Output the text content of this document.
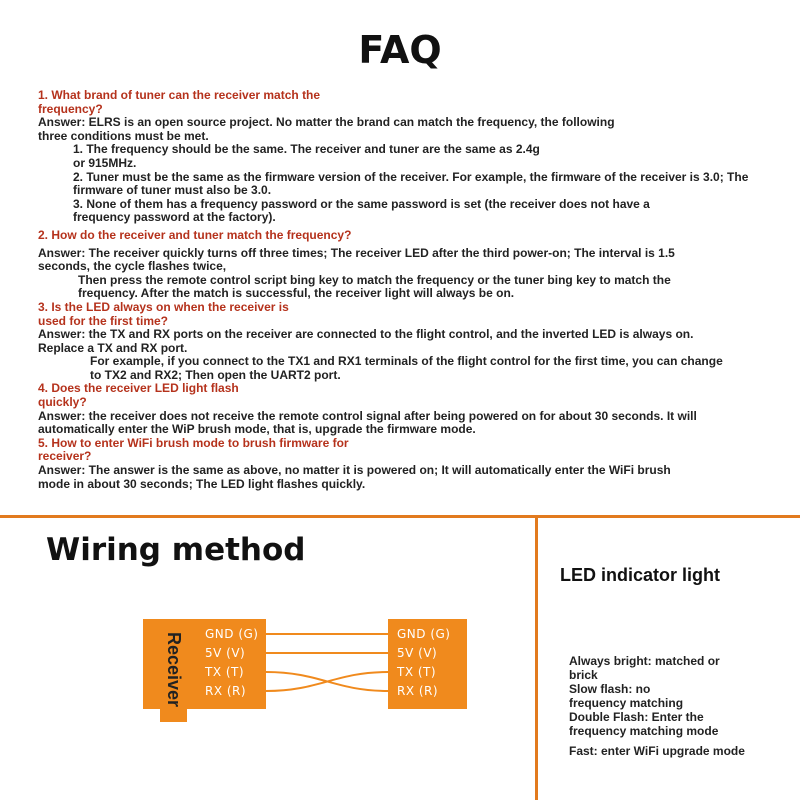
FAQ
1. What brand of tuner can the receiver match the frequency?
Answer: ELRS is an open source project. No matter the brand can match the frequency, the following three conditions must be met.
1. The frequency should be the same. The receiver and tuner are the same as 2.4g or 915MHz.
2. Tuner must be the same as the firmware version of the receiver. For example, the firmware of the receiver is 3.0; The firmware of tuner must also be 3.0.
3. None of them has a frequency password or the same password is set (the receiver does not have a frequency password at the factory).
2. How do the receiver and tuner match the frequency?
Answer: The receiver quickly turns off three times; The receiver LED after the third power-on; The interval is 1.5 seconds, the cycle flashes twice,
Then press the remote control script bing key to match the frequency or the tuner bing key to match the frequency. After the match is successful, the receiver light will always be on.
3. Is the LED always on when the receiver is used for the first time?
Answer: the TX and RX ports on the receiver are connected to the flight control, and the inverted LED is always on. Replace a TX and RX port.
For example, if you connect to the TX1 and RX1 terminals of the flight control for the first time, you can change to TX2 and RX2; Then open the UART2 port.
4. Does the receiver LED light flash quickly?
Answer: the receiver does not receive the remote control signal after being powered on for about 30 seconds. It will automatically enter the WiP brush mode, that is, upgrade the firmware mode.
5. How to enter WiFi brush mode to brush firmware for receiver?
Answer: The answer is the same as above, no matter it is powered on; It will automatically enter the WiFi brush mode in about 30 seconds; The LED light flashes quickly.
Wiring method
Receiver GND (G)
5V (V)
TX (T)
RX (R)
GND (G)
5V (V)
TX (T)
RX (R)
LED indicator light
Always bright: matched or brick
Slow flash: no frequency matching
Double Flash: Enter the frequency matching mode
Fast: enter WiFi upgrade mode
